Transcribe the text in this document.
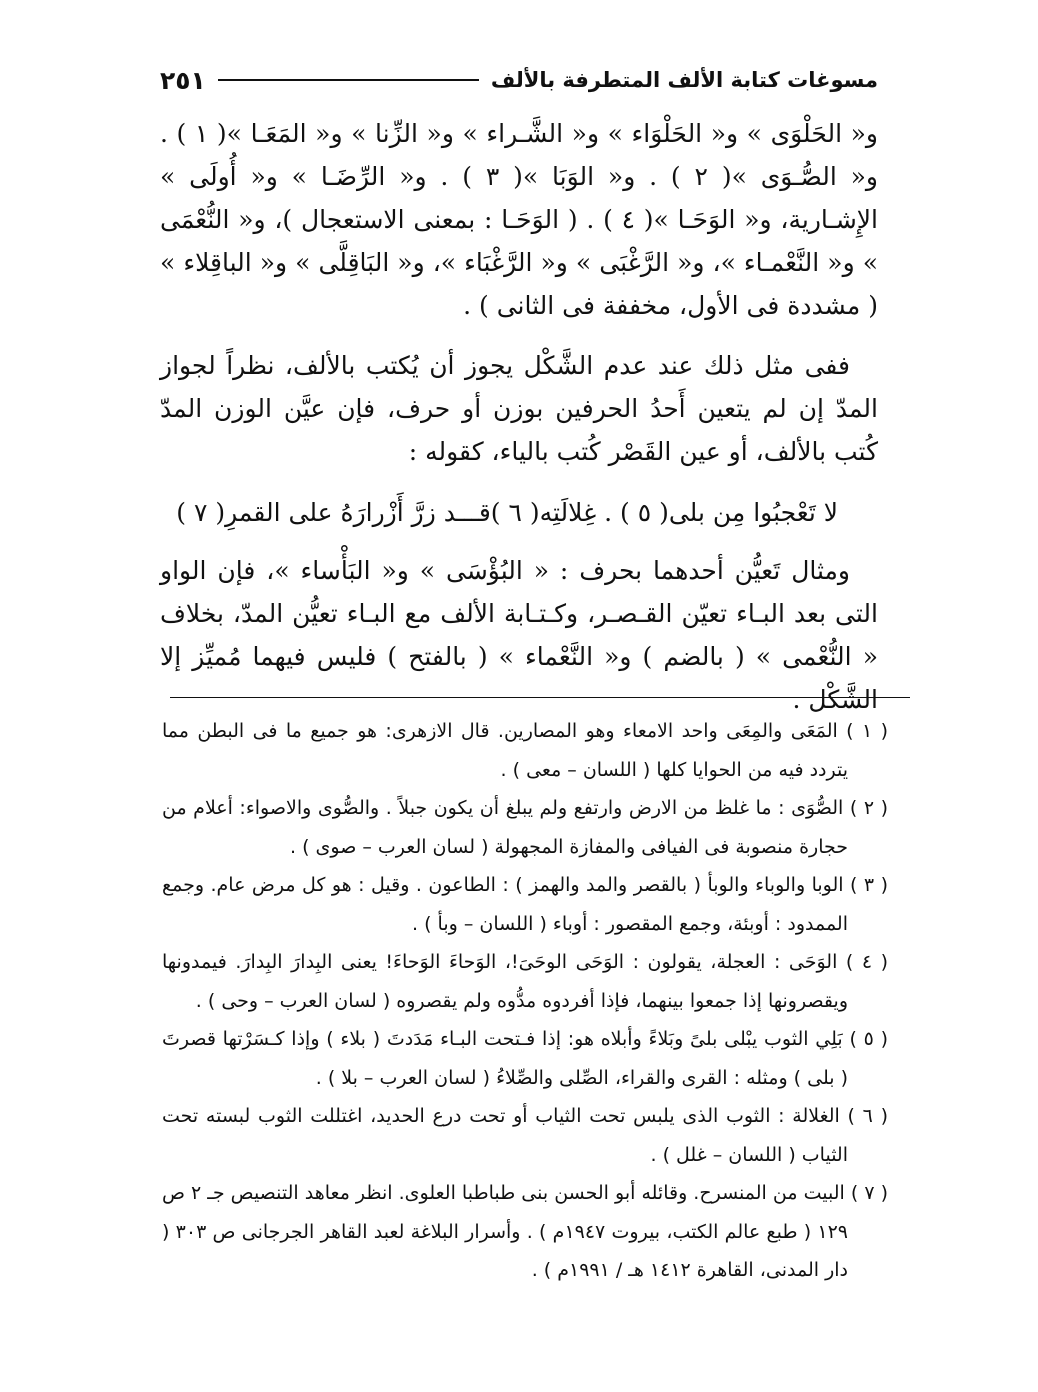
مسوغات كتابة الألف المتطرفة بالألف
٢٥١

و« الحَلْوَى » و« الحَلْوَاء » و« الشَّـراء » و« الزِّنا » و« المَعَـا »( ١ ) . و« الصُّـوَى »( ٢ ) . و« الوَبَا »( ٣ ) . و« الرِّضَـا » و« أُولَى » الإِشـارية، و« الوَحَـا »( ٤ ) . ( الوَحَـا : بمعنى الاستعجال )، و« النُّعْمَى » و« النَّعْمـاء »، و« الرَّغْبَى » و« الرَّغْبَاء »، و« البَاقِلَّى » و« الباقِلاء » ( مشددة فى الأول، مخففة فى الثانى ) .

ففى مثل ذلك عند عدم الشَّكْل يجوز أن يُكتب بالألف، نظراً لجواز المدّ إن لم يتعين أَحدُ الحرفين بوزن أو حرف، فإن عيَّن الوزن المدّ كُتب بالألف، أو عين القَصْر كُتب بالياء، كقوله :

لا تَعْجبُوا مِن بلى( ٥ ) . غِلالَتِه( ٦ )
قـــد زرَّ أَزْرارَهُ على القمرِ( ٧ )

ومثال تَعيُّن أحدهما بحرف : « البُؤْسَى » و« البَأْساء »، فإن الواو التى بعد البـاء تعيّن القـصـر، وكـتـابة الألف مع البـاء تعيُّن المدّ، بخلاف « النُّعْمى » ( بالضم ) و« النَّعْماء » ( بالفتح ) فليس فيهما مُميِّز إلا الشَّكْل .

( ١ ) المَعَى والمِعَى واحد الامعاء وهو المصارين. قال الازهرى: هو جميع ما فى البطن مما يتردد فيه من الحوايا كلها ( اللسان – معى ) .

( ٢ ) الصُّوَى : ما غلظ من الارض وارتفع ولم يبلغ أن يكون جبلاً . والصُّوى والاصواء: أعلام من حجارة منصوبة فى الفيافى والمفازة المجهولة ( لسان العرب – صوى ) .

( ٣ ) الوبا والوباء والوبأ ( بالقصر والمد والهمز ) : الطاعون . وقيل : هو كل مرض عام. وجمع الممدود : أوبئة، وجمع المقصور : أوباء ( اللسان – وبأ ) .

( ٤ ) الوَحَى : العجلة، يقولون : الوَحَى الوحَىَ!، الوَحاءَ الوَحاءَ! يعنى البِدارَ البِدارَ. فيمدونها ويقصرونها إذا جمعوا بينهما، فإذا أفردوه مدُّوه ولم يقصروه ( لسان العرب – وحى ) .

( ٥ ) بَلِي الثوب يبْلى بلىً وبَلاءً وأبلاه هو: إذا فـتحت البـاء مَدَدتَ ( بلاء ) وإذا كـسَرْتها قصرتَ ( بلى ) ومثله : القرى والقراء، الصِّلى والصِّلاءُ ( لسان العرب – بلا ) .

( ٦ ) الغلالة : الثوب الذى يلبس تحت الثياب أو تحت درع الحديد، اغتللت الثوب لبسته تحت الثياب ( اللسان – غلل ) .

( ٧ ) البيت من المنسرح. وقائله أبو الحسن بنى طباطبا العلوى. انظر معاهد التنصيص جـ ٢ ص ١٢٩ ( طبع عالم الكتب، بيروت ١٩٤٧م ) . وأسرار البلاغة لعبد القاهر الجرجانى ص ٣٠٣ ( دار المدنى، القاهرة ١٤١٢ هـ / ١٩٩١م ) .
